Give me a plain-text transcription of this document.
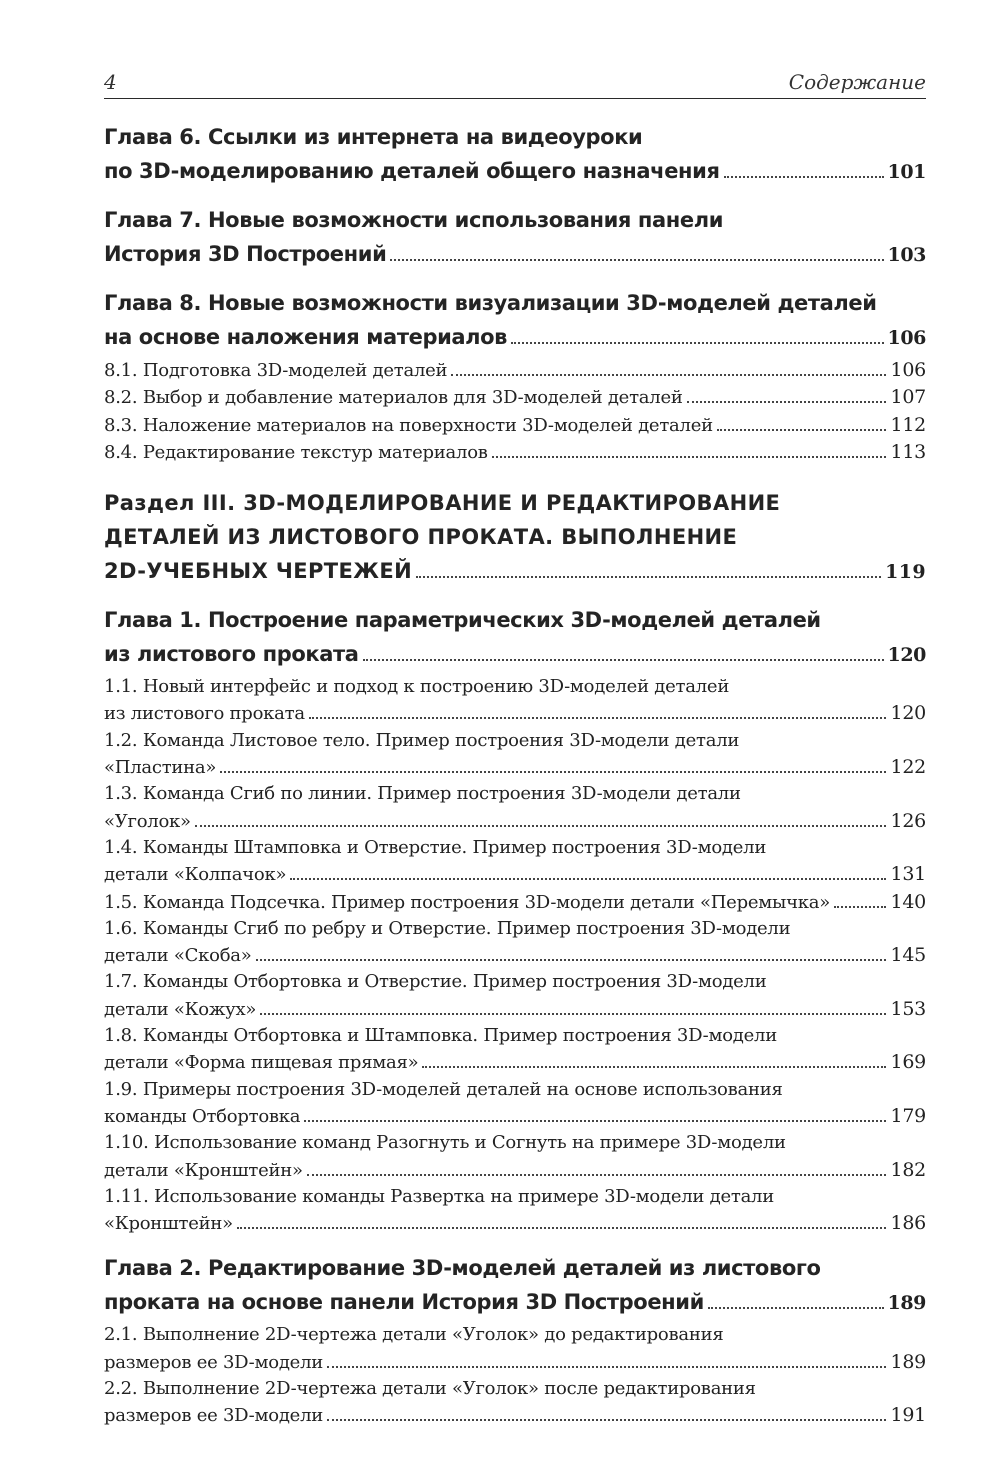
4	Содержание
Глава 6. Ссылки из интернета на видеоуроки
по 3D-моделированию деталей общего назначения	101
Глава 7. Новые возможности использования панели
История 3D Построений	103
Глава 8. Новые возможности визуализации 3D-моделей деталей
на основе наложения материалов	106
8.1. Подготовка 3D-моделей деталей	106
8.2. Выбор и добавление материалов для 3D-моделей деталей	107
8.3. Наложение материалов на поверхности 3D-моделей деталей	112
8.4. Редактирование текстур материалов	113
Раздел III. 3D-МОДЕЛИРОВАНИЕ И РЕДАКТИРОВАНИЕ
ДЕТАЛЕЙ ИЗ ЛИСТОВОГО ПРОКАТА. ВЫПОЛНЕНИЕ
2D-УЧЕБНЫХ ЧЕРТЕЖЕЙ	119
Глава 1. Построение параметрических 3D-моделей деталей
из листового проката	120
1.1. Новый интерфейс и подход к построению 3D-моделей деталей
из листового проката	120
1.2. Команда Листовое тело. Пример построения 3D-модели детали
«Пластина»	122
1.3. Команда Сгиб по линии. Пример построения 3D-модели детали
«Уголок»	126
1.4. Команды Штамповка и Отверстие. Пример построения 3D-модели
детали «Колпачок»	131
1.5. Команда Подсечка. Пример построения 3D-модели детали «Перемычка»	140
1.6. Команды Сгиб по ребру и Отверстие. Пример построения 3D-модели
детали «Скоба»	145
1.7. Команды Отбортовка и Отверстие. Пример построения 3D-модели
детали «Кожух»	153
1.8. Команды Отбортовка и Штамповка. Пример построения 3D-модели
детали «Форма пищевая прямая»	169
1.9. Примеры построения 3D-моделей деталей на основе использования
команды Отбортовка	179
1.10. Использование команд Разогнуть и Согнуть на примере 3D-модели
детали «Кронштейн»	182
1.11. Использование команды Развертка на примере 3D-модели детали
«Кронштейн»	186
Глава 2. Редактирование 3D-моделей деталей из листового
проката на основе панели История 3D Построений	189
2.1. Выполнение 2D-чертежа детали «Уголок» до редактирования
размеров ее 3D-модели	189
2.2. Выполнение 2D-чертежа детали «Уголок» после редактирования
размеров ее 3D-модели	191
